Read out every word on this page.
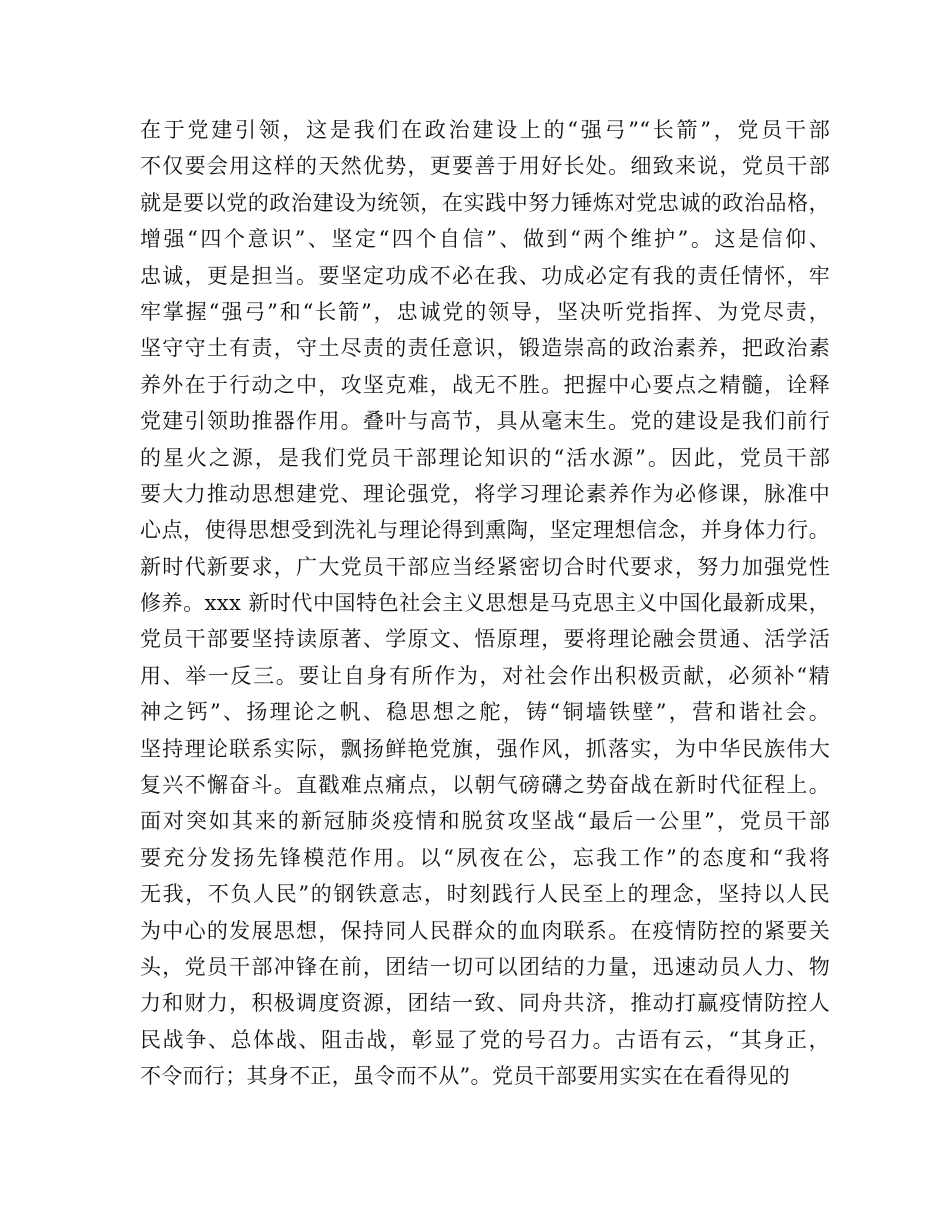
在于党建引领，这是我们在政治建设上的“强弓”“长箭”，党员干部
不仅要会用这样的天然优势，更要善于用好长处。细致来说，党员干部
就是要以党的政治建设为统领，在实践中努力锤炼对党忠诚的政治品格，
增强“四个意识”、坚定“四个自信”、做到“两个维护”。这是信仰、
忠诚，更是担当。要坚定功成不必在我、功成必定有我的责任情怀，牢
牢掌握“强弓”和“长箭”，忠诚党的领导，坚决听党指挥、为党尽责，
坚守守土有责，守土尽责的责任意识，锻造崇高的政治素养，把政治素
养外在于行动之中，攻坚克难，战无不胜。把握中心要点之精髓，诠释
党建引领助推器作用。叠叶与高节，具从毫末生。党的建设是我们前行
的星火之源，是我们党员干部理论知识的“活水源”。因此，党员干部
要大力推动思想建党、理论强党，将学习理论素养作为必修课，脉准中
心点，使得思想受到洗礼与理论得到熏陶，坚定理想信念，并身体力行。
新时代新要求，广大党员干部应当经紧密切合时代要求，努力加强党性
修养。xxx 新时代中国特色社会主义思想是马克思主义中国化最新成果，
党员干部要坚持读原著、学原文、悟原理，要将理论融会贯通、活学活
用、举一反三。要让自身有所作为，对社会作出积极贡献，必须补“精
神之钙”、扬理论之帆、稳思想之舵，铸“铜墙铁壁”，营和谐社会。
坚持理论联系实际，飘扬鲜艳党旗，强作风，抓落实，为中华民族伟大
复兴不懈奋斗。直戳难点痛点，以朝气磅礴之势奋战在新时代征程上。
面对突如其来的新冠肺炎疫情和脱贫攻坚战“最后一公里”，党员干部
要充分发扬先锋模范作用。以“夙夜在公，忘我工作”的态度和“我将
无我，不负人民”的钢铁意志，时刻践行人民至上的理念，坚持以人民
为中心的发展思想，保持同人民群众的血肉联系。在疫情防控的紧要关
头，党员干部冲锋在前，团结一切可以团结的力量，迅速动员人力、物
力和财力，积极调度资源，团结一致、同舟共济，推动打赢疫情防控人
民战争、总体战、阻击战，彰显了党的号召力。古语有云，“其身正，
不令而行；其身不正，虽令而不从”。党员干部要用实实在在看得见的
